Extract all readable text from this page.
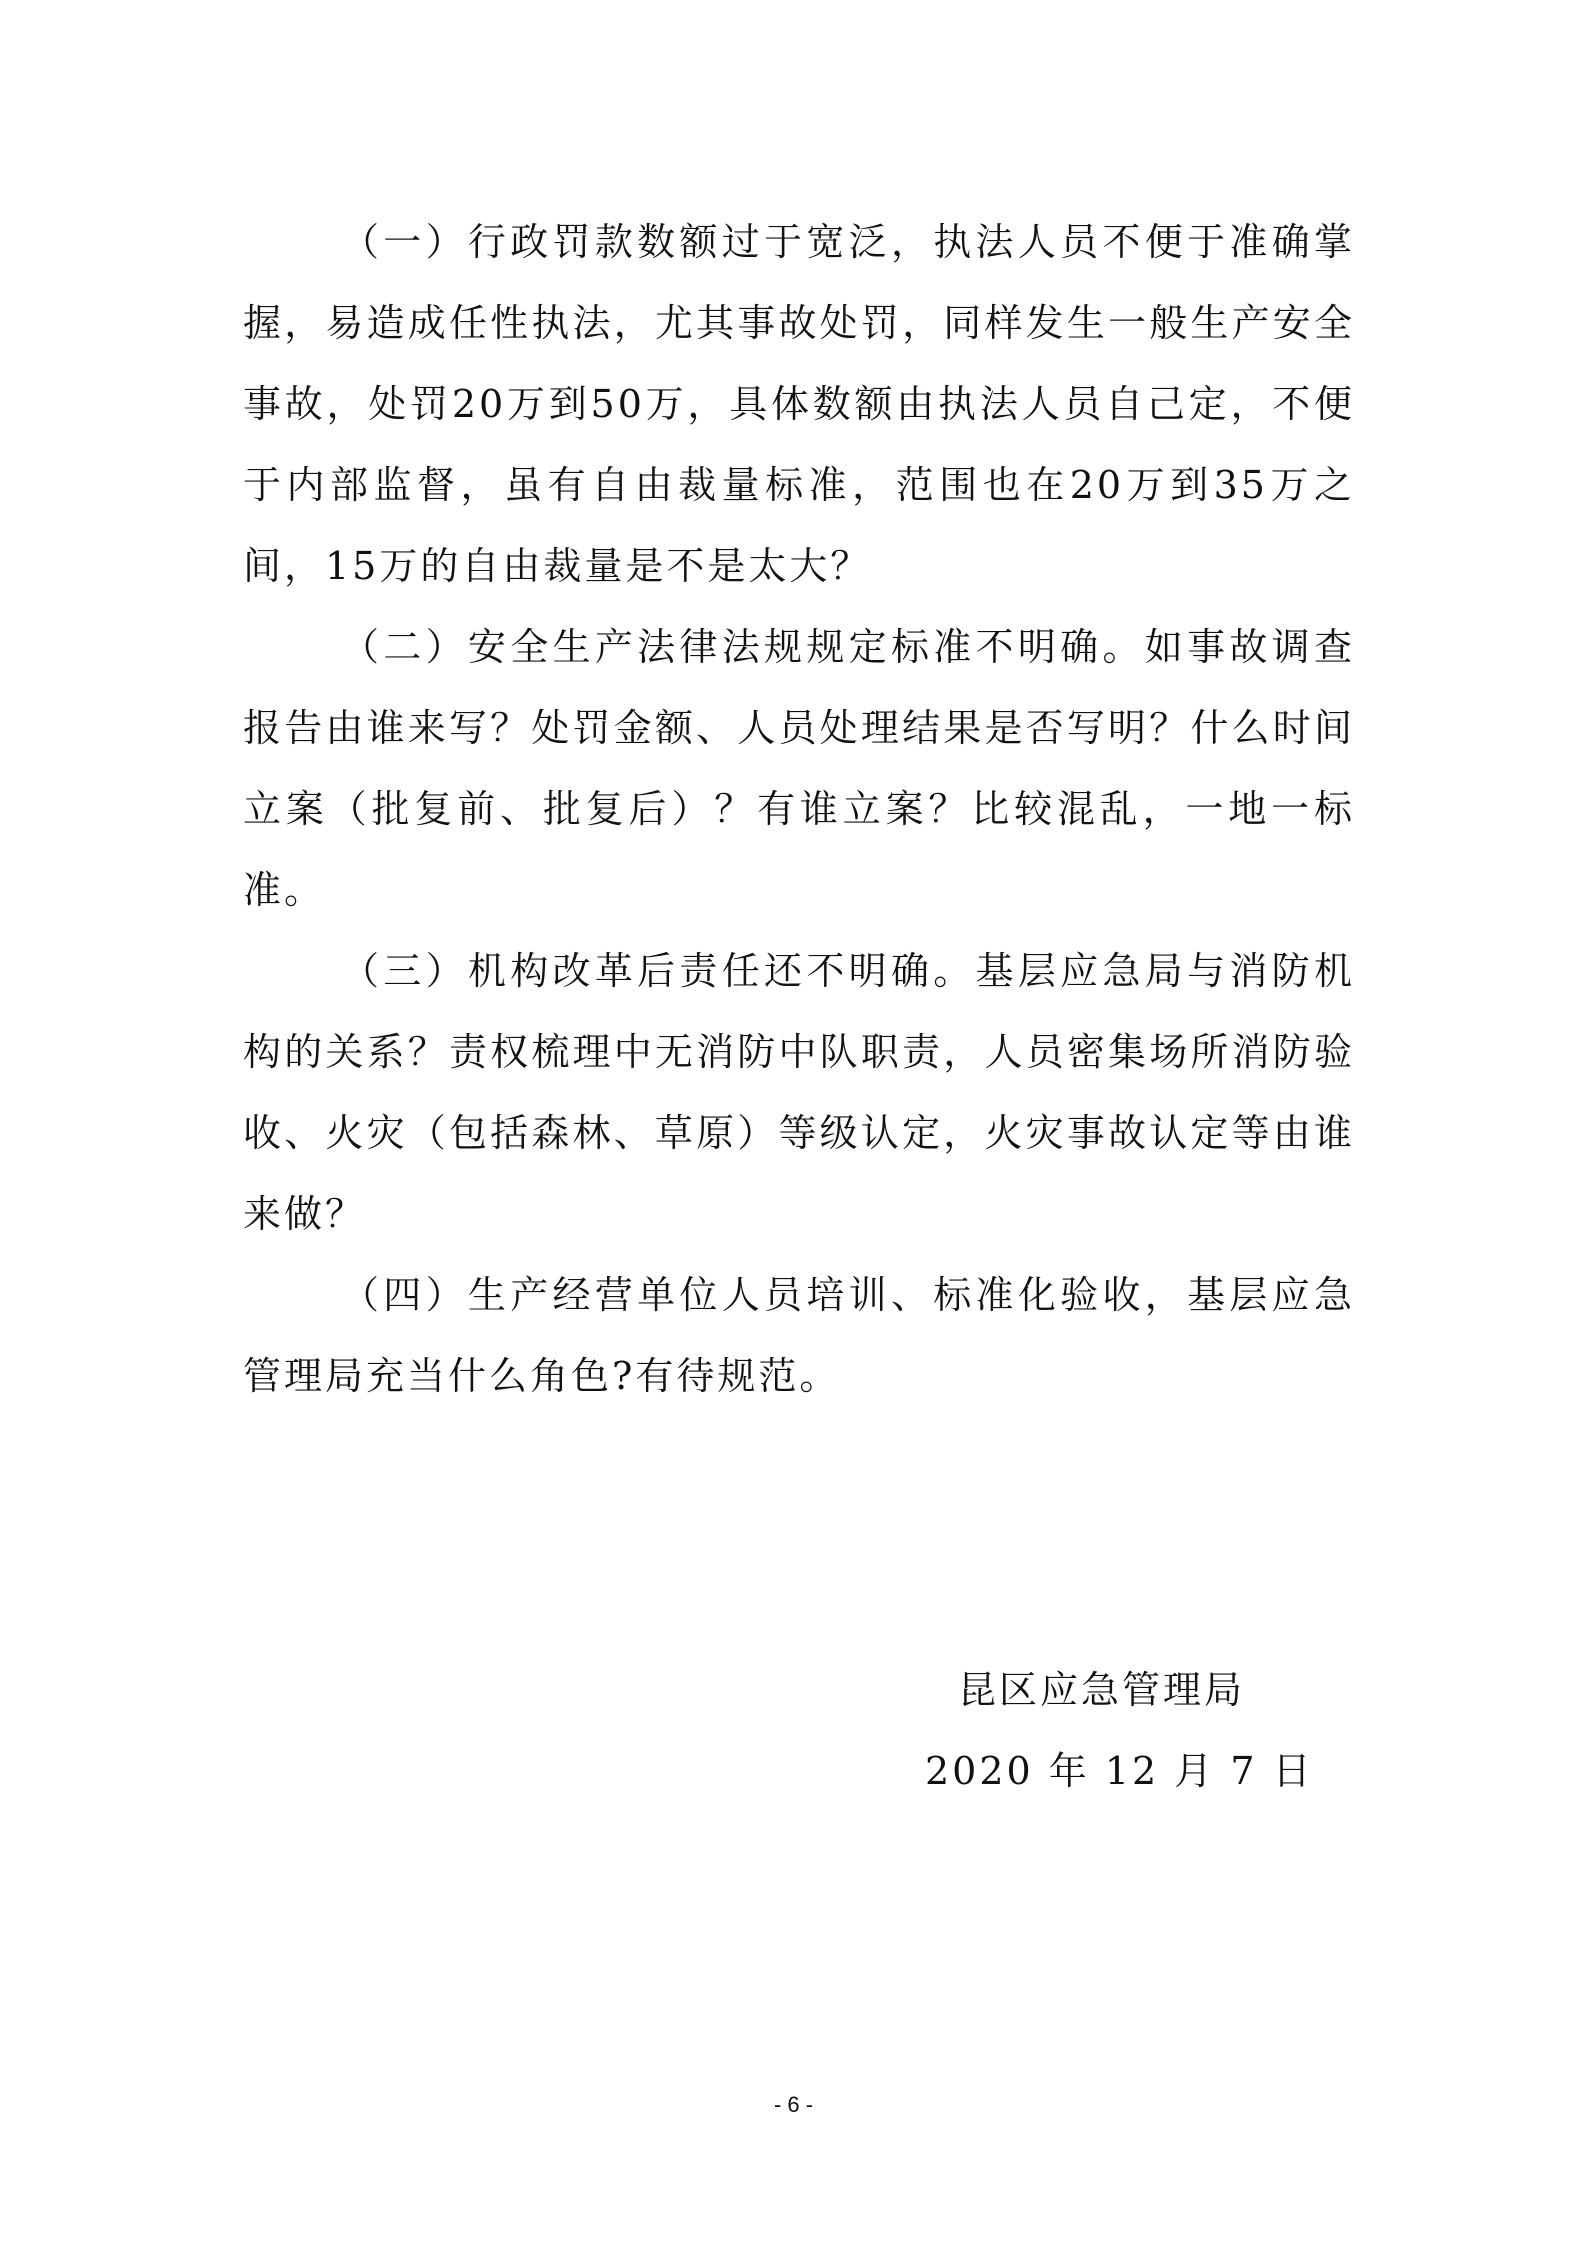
（一）行政罚款数额过于宽泛，执法人员不便于准确掌握，易造成任性执法，尤其事故处罚，同样发生一般生产安全事故，处罚20万到50万，具体数额由执法人员自己定，不便于内部监督，虽有自由裁量标准，范围也在20万到35万之间，15万的自由裁量是不是太大？

（二）安全生产法律法规规定标准不明确。如事故调查报告由谁来写？处罚金额、人员处理结果是否写明？什么时间立案（批复前、批复后）？有谁立案？比较混乱，一地一标准。

（三）机构改革后责任还不明确。基层应急局与消防机构的关系？责权梳理中无消防中队职责，人员密集场所消防验收、火灾（包括森林、草原）等级认定，火灾事故认定等由谁来做？

（四）生产经营单位人员培训、标准化验收，基层应急管理局充当什么角色?有待规范。

昆区应急管理局
2020 年 12 月 7 日
- 6 -
